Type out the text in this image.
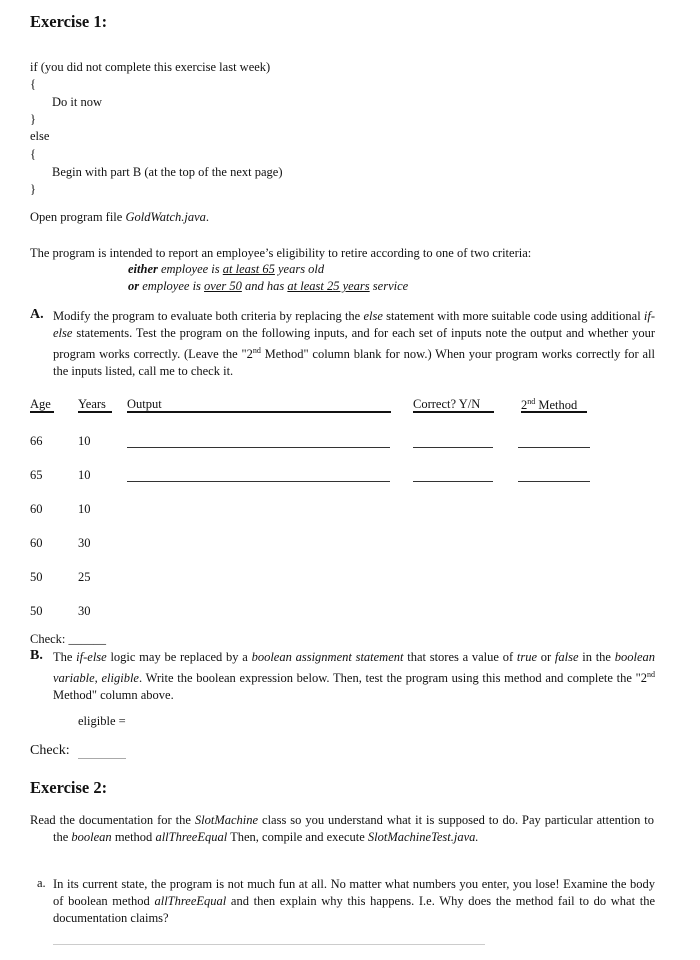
Exercise 1:
if (you did not complete this exercise last week)
{
Do it now
}
else
{
Begin with part B (at the top of the next page)
}
Open program file GoldWatch.java.
The program is intended to report an employee’s eligibility to retire according to one of two criteria:
either employee is at least 65 years old
or employee is over 50 and has at least 25 years service
A. Modify the program to evaluate both criteria by replacing the else statement with more suitable code using additional if-else statements. Test the program on the following inputs, and for each set of inputs note the output and whether your program works correctly. (Leave the "2nd Method" column blank for now.) When your program works correctly for all the inputs listed, call me to check it.
Age Years Output	Correct? Y/N	2nd Method
66	10
65	10
60	10
60	30
50	25
50	30
Check: ______
B. The if-else logic may be replaced by a boolean assignment statement that stores a value of true or false in the boolean variable, eligible. Write the boolean expression below. Then, test the program using this method and complete the "2nd Method" column above.
eligible =
Check:
Exercise 2:
Read the documentation for the SlotMachine class so you understand what it is supposed to do. Pay particular attention to the boolean method allThreeEqual Then, compile and execute SlotMachineTest.java.
a. In its current state, the program is not much fun at all. No matter what numbers you enter, you lose! Examine the body of boolean method allThreeEqual and then explain why this happens. I.e. Why does the method fail to do what the documentation claims?
